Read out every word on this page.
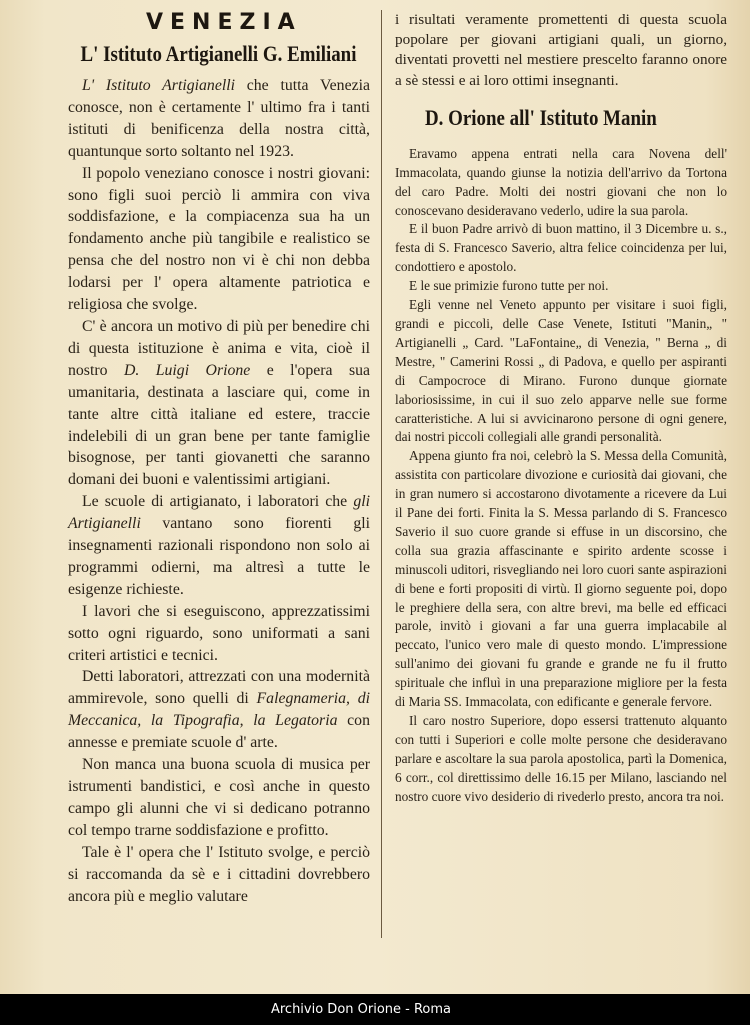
VENEZIA
L' Istituto Artigianelli G. Emiliani

L' Istituto Artigianelli che tutta Venezia conosce, non è certamente l' ultimo fra i tanti istituti di benificenza della nostra città, quantunque sorto soltanto nel 1923.

Il popolo veneziano conosce i nostri giovani: sono figli suoi perciò li ammira con viva soddisfazione, e la compiacenza sua ha un fondamento anche più tangibile e realistico se pensa che del nostro non vi è chi non debba lodarsi per l' opera altamente patriotica e religiosa che svolge.

C' è ancora un motivo di più per benedire chi di questa istituzione è anima e vita, cioè il nostro D. Luigi Orione e l'opera sua umanitaria, destinata a lasciare qui, come in tante altre città italiane ed estere, traccie indelebili di un gran bene per tante famiglie bisognose, per tanti giovanetti che saranno domani dei buoni e valentissimi artigiani.

Le scuole di artigianato, i laboratori che gli Artigianelli vantano sono fiorenti gli insegnamenti razionali rispondono non solo ai programmi odierni, ma altresì a tutte le esigenze richieste.

I lavori che si eseguiscono, apprezzatissimi sotto ogni riguardo, sono uniformati a sani criteri artistici e tecnici.

Detti laboratori, attrezzati con una modernità ammirevole, sono quelli di Falegnameria, di Meccanica, la Tipografia, la Legatoria con annesse e premiate scuole d' arte.

Non manca una buona scuola di musica per istrumenti bandistici, e così anche in questo campo gli alunni che vi si dedicano potranno col tempo trarne soddisfazione e profitto.

Tale è l' opera che l' Istituto svolge, e perciò si raccomanda da sè e i cittadini dovrebbero ancora più e meglio valutare

i risultati veramente promettenti di questa scuola popolare per giovani artigiani quali, un giorno, diventati provetti nel mestiere prescelto faranno onore a sè stessi e ai loro ottimi insegnanti.
D. Orione all' Istituto Manin

Eravamo appena entrati nella cara Novena dell' Immacolata, quando giunse la notizia dell'arrivo da Tortona del caro Padre. Molti dei nostri giovani che non lo conoscevano desideravano vederlo, udire la sua parola.

E il buon Padre arrivò di buon mattino, il 3 Dicembre u. s., festa di S. Francesco Saverio, altra felice coincidenza per lui, condottiero e apostolo.

E le sue primizie furono tutte per noi.

Egli venne nel Veneto appunto per visitare i suoi figli, grandi e piccoli, delle Case Venete, Istituti "Manin„ " Artigianelli „ Card. "LaFontaine„ di Venezia, " Berna „ di Mestre, " Camerini Rossi „ di Padova, e quello per aspiranti di Campocroce di Mirano. Furono dunque giornate laboriosissime, in cui il suo zelo apparve nelle sue forme caratteristiche. A lui si avvicinarono persone di ogni genere, dai nostri piccoli collegiali alle grandi personalità.

Appena giunto fra noi, celebrò la S. Messa della Comunità, assistita con particolare divozione e curiosità dai giovani, che in gran numero si accostarono divotamente a ricevere da Lui il Pane dei forti. Finita la S. Messa parlando di S. Francesco Saverio il suo cuore grande si effuse in un discorsino, che colla sua grazia affascinante e spirito ardente scosse i minuscoli uditori, risvegliando nei loro cuori sante aspirazioni di bene e forti propositi di virtù. Il giorno seguente poi, dopo le preghiere della sera, con altre brevi, ma belle ed efficaci parole, invitò i giovani a far una guerra implacabile al peccato, l'unico vero male di questo mondo. L'impressione sull'animo dei giovani fu grande e grande ne fu il frutto spirituale che influì in una preparazione migliore per la festa di Maria SS. Immacolata, con edificante e generale fervore.

Il caro nostro Superiore, dopo essersi trattenuto alquanto con tutti i Superiori e colle molte persone che desideravano parlare e ascoltare la sua parola apostolica, partì la Domenica, 6 corr., col direttissimo delle 16.15 per Milano, lasciando nel nostro cuore vivo desiderio di rivederlo presto, ancora tra noi.

Archivio Don Orione - Roma
